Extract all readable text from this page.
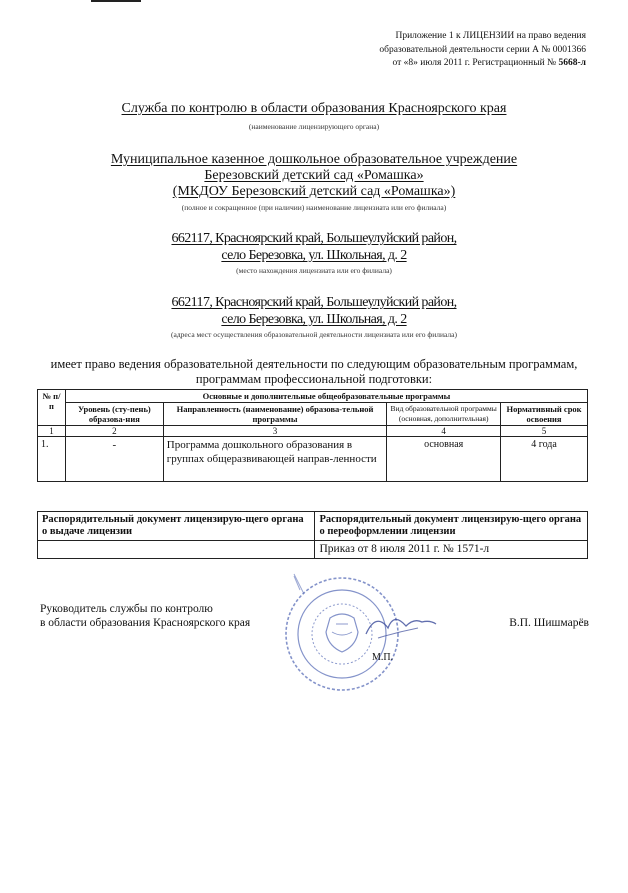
Приложение 1 к ЛИЦЕНЗИИ на право ведения
образовательной деятельности серии А № 0001366
от «8» июля 2011 г. Регистрационный № 5668-л
Служба по контролю в области образования Красноярского края
(наименование лицензирующего органа)
Муниципальное казенное дошкольное образовательное учреждение
Березовский детский сад «Ромашка»
(МКДОУ Березовский детский сад «Ромашка»)
(полное и сокращенное (при наличии) наименование лицензиата или его филиала)
662117, Красноярский край, Большеулуйский район,
село Березовка, ул. Школьная, д. 2
(место нахождения лицензиата или его филиала)
662117, Красноярский край, Большеулуйский район,
село Березовка, ул. Школьная, д. 2
(адреса мест осуществления образовательной деятельности лицензиата или его филиала)
имеет право ведения образовательной деятельности по следующим образовательным программам,
программам профессиональной подготовки:
№ п/п	Основные и дополнительные общеобразовательные программы			
	Уровень (сту-пень) образова-ния	Направленность (наименование) образова-тельной программы	Вид образовательной программы (основная, дополнительная)	Нормативный срок освоения
1	2	3	4	5
1.	-	Программа дошкольного образования в группах общеразвивающей направ-ленности	основная	4 года
Распорядительный документ лицензирую-щего органа о выдаче лицензии	Распорядительный документ лицензирую-щего органа о переоформлении лицензии
	Приказ от 8 июля 2011 г. № 1571-л
Руководитель службы по контролю
в области образования Красноярского края
М.П.
В.П. Шишмарёв
